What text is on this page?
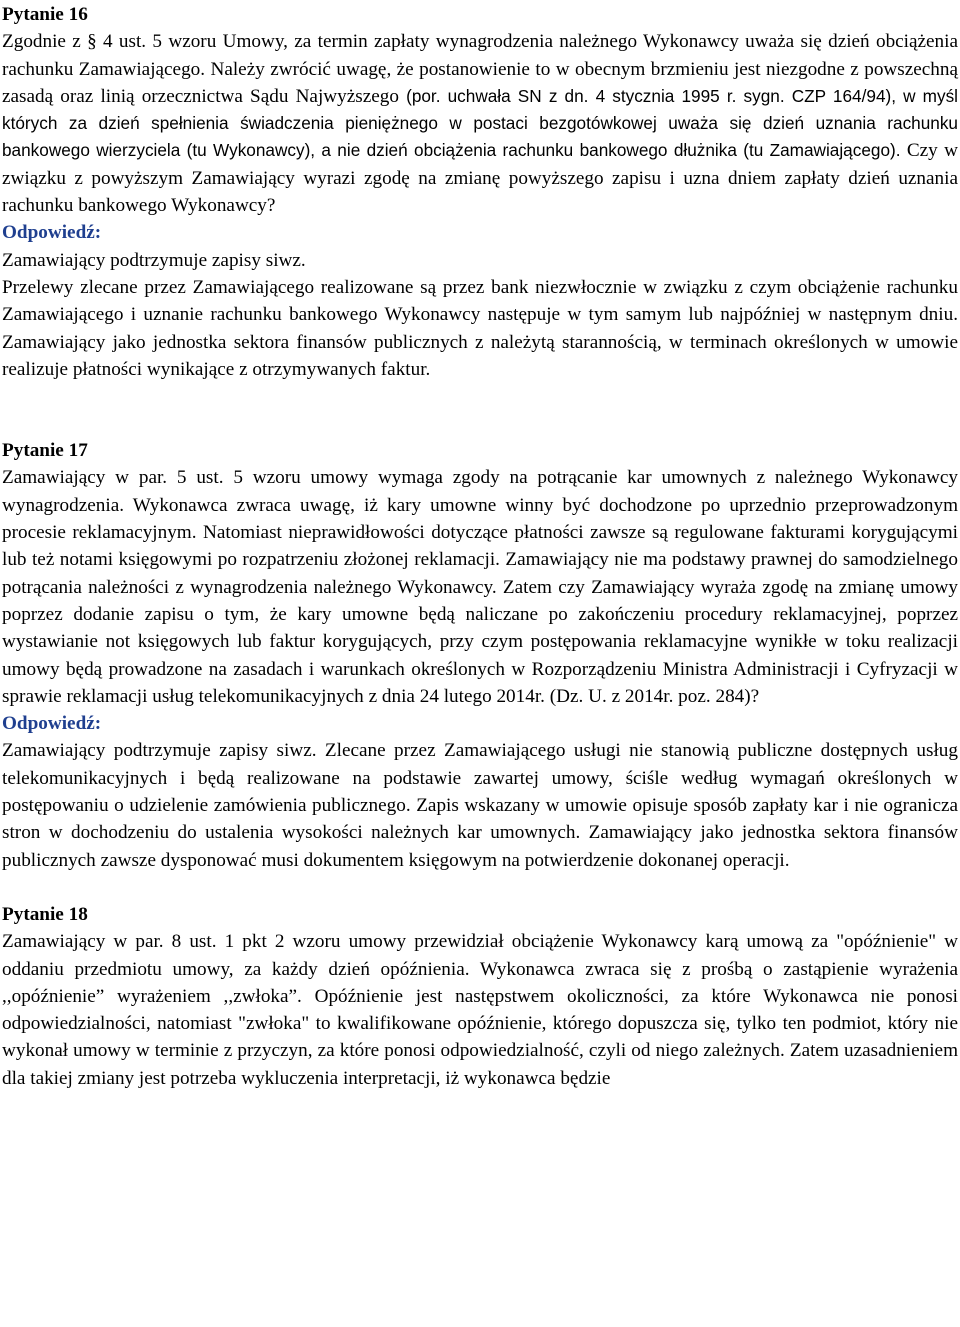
Pytanie 16

Zgodnie z § 4 ust. 5 wzoru Umowy, za termin zapłaty wynagrodzenia należnego Wykonawcy uważa się dzień obciążenia rachunku Zamawiającego. Należy zwrócić uwagę, że postanowienie to w obecnym brzmieniu jest niezgodne z powszechną zasadą oraz linią orzecznictwa Sądu Najwyższego (por. uchwała SN z dn. 4 stycznia 1995 r. sygn. CZP 164/94), w myśl których za dzień spełnienia świadczenia pieniężnego w postaci bezgotówkowej uważa się dzień uznania rachunku bankowego wierzyciela (tu Wykonawcy), a nie dzień obciążenia rachunku bankowego dłużnika (tu Zamawiającego). Czy w związku z powyższym Zamawiający wyrazi zgodę na zmianę powyższego zapisu i uzna dniem zapłaty dzień uznania rachunku bankowego Wykonawcy?

Odpowiedź:

Zamawiający podtrzymuje zapisy siwz.

Przelewy zlecane przez Zamawiającego realizowane są przez bank niezwłocznie w związku z czym obciążenie rachunku Zamawiającego i uznanie rachunku bankowego Wykonawcy następuje w tym samym lub najpóźniej w następnym dniu. Zamawiający jako jednostka sektora finansów publicznych z należytą starannością, w terminach określonych w umowie realizuje płatności wynikające z otrzymywanych faktur.

Pytanie 17

Zamawiający w par. 5 ust. 5 wzoru umowy wymaga zgody na potrącanie kar umownych z należnego Wykonawcy wynagrodzenia. Wykonawca zwraca uwagę, iż kary umowne winny być dochodzone po uprzednio przeprowadzonym procesie reklamacyjnym. Natomiast nieprawidłowości dotyczące płatności zawsze są regulowane fakturami korygującymi lub też notami księgowymi po rozpatrzeniu złożonej reklamacji. Zamawiający nie ma podstawy prawnej do samodzielnego potrącania należności z wynagrodzenia należnego Wykonawcy. Zatem czy Zamawiający wyraża zgodę na zmianę umowy poprzez dodanie zapisu o tym, że kary umowne będą naliczane po zakończeniu procedury reklamacyjnej, poprzez wystawianie not księgowych lub faktur korygujących, przy czym postępowania reklamacyjne wynikłe w toku realizacji umowy będą prowadzone na zasadach i warunkach określonych w Rozporządzeniu Ministra Administracji i Cyfryzacji w sprawie reklamacji usług telekomunikacyjnych z dnia 24 lutego 2014r. (Dz. U. z 2014r. poz. 284)?

Odpowiedź:

Zamawiający podtrzymuje zapisy siwz. Zlecane przez Zamawiającego usługi nie stanowią publiczne dostępnych usług telekomunikacyjnych i będą realizowane na podstawie zawartej umowy, ściśle według wymagań określonych w postępowaniu o udzielenie zamówienia publicznego. Zapis wskazany w umowie opisuje sposób zapłaty kar i nie ogranicza stron w dochodzeniu do ustalenia wysokości należnych kar umownych. Zamawiający jako jednostka sektora finansów publicznych zawsze dysponować musi dokumentem księgowym na potwierdzenie dokonanej operacji.

Pytanie 18

Zamawiający w par. 8 ust. 1 pkt 2 wzoru umowy przewidział obciążenie Wykonawcy karą umową za "opóźnienie" w oddaniu przedmiotu umowy, za każdy dzień opóźnienia. Wykonawca zwraca się z prośbą o zastąpienie wyrażenia ,,opóźnienie” wyrażeniem ,,zwłoka”. Opóźnienie jest następstwem okoliczności, za które Wykonawca nie ponosi odpowiedzialności, natomiast "zwłoka" to kwalifikowane opóźnienie, którego dopuszcza się, tylko ten podmiot, który nie wykonał umowy w terminie z przyczyn, za które ponosi odpowiedzialność, czyli od niego zależnych. Zatem uzasadnieniem dla takiej zmiany jest potrzeba wykluczenia interpretacji, iż wykonawca będzie
